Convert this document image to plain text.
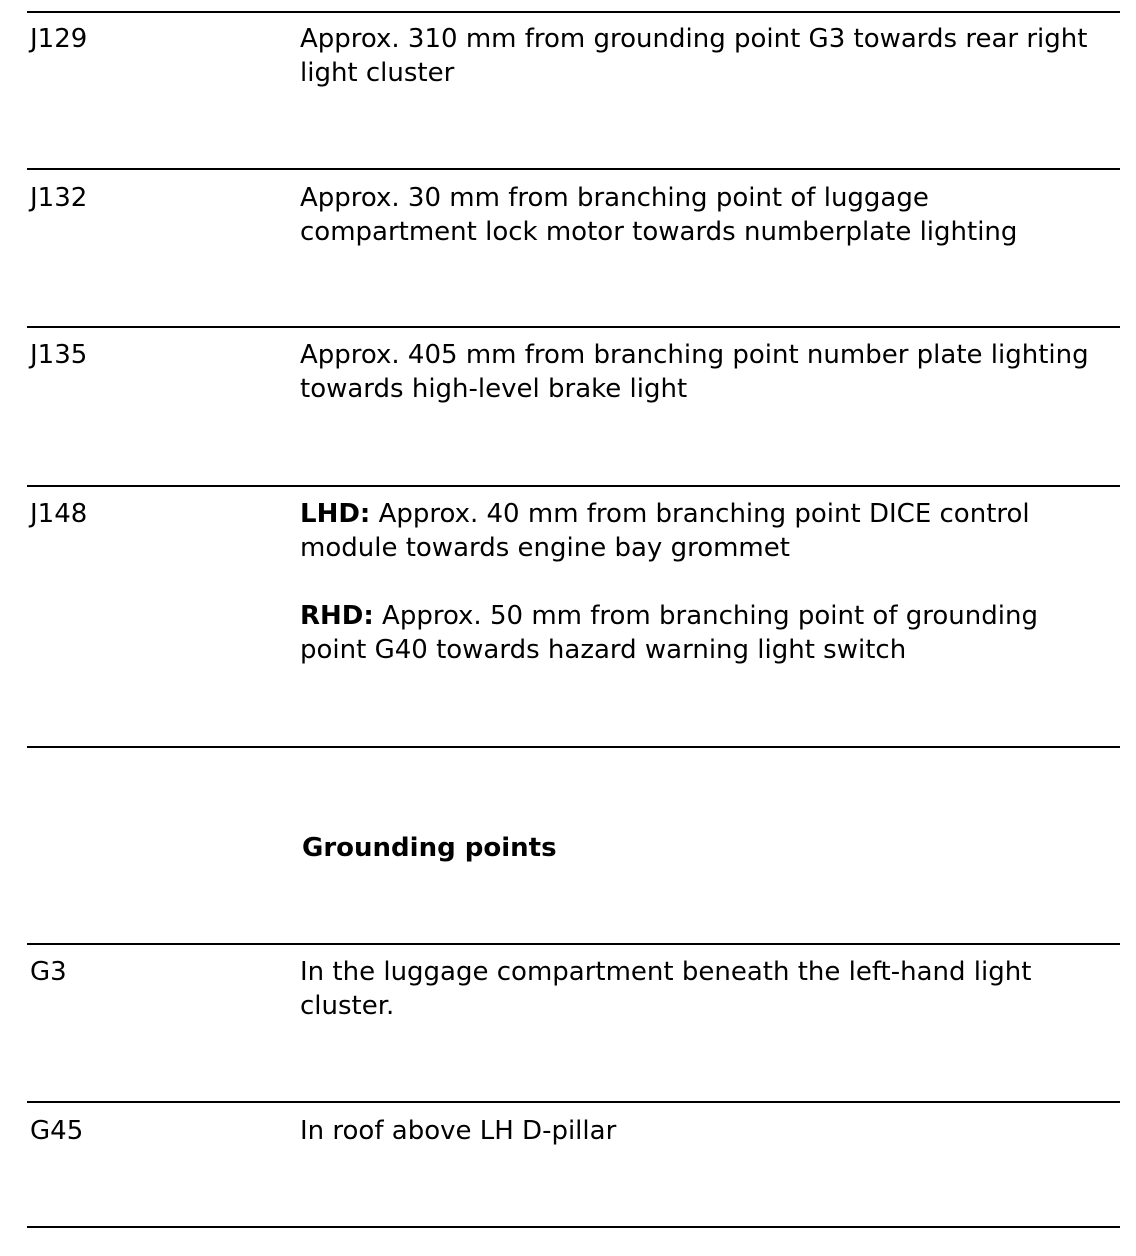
J129	Approx. 310 mm from grounding point G3 towards rear right light cluster

J132	Approx. 30 mm from branching point of luggage compartment lock motor towards numberplate lighting

J135	Approx. 405 mm from branching point number plate lighting towards high-level brake light

J148	LHD: Approx. 40 mm from branching point DICE control module towards engine bay grommet

RHD: Approx. 50 mm from branching point of grounding point G40 towards hazard warning light switch

Grounding points
G3	In the luggage compartment beneath the left-hand light cluster.

G45	In roof above LH D-pillar
